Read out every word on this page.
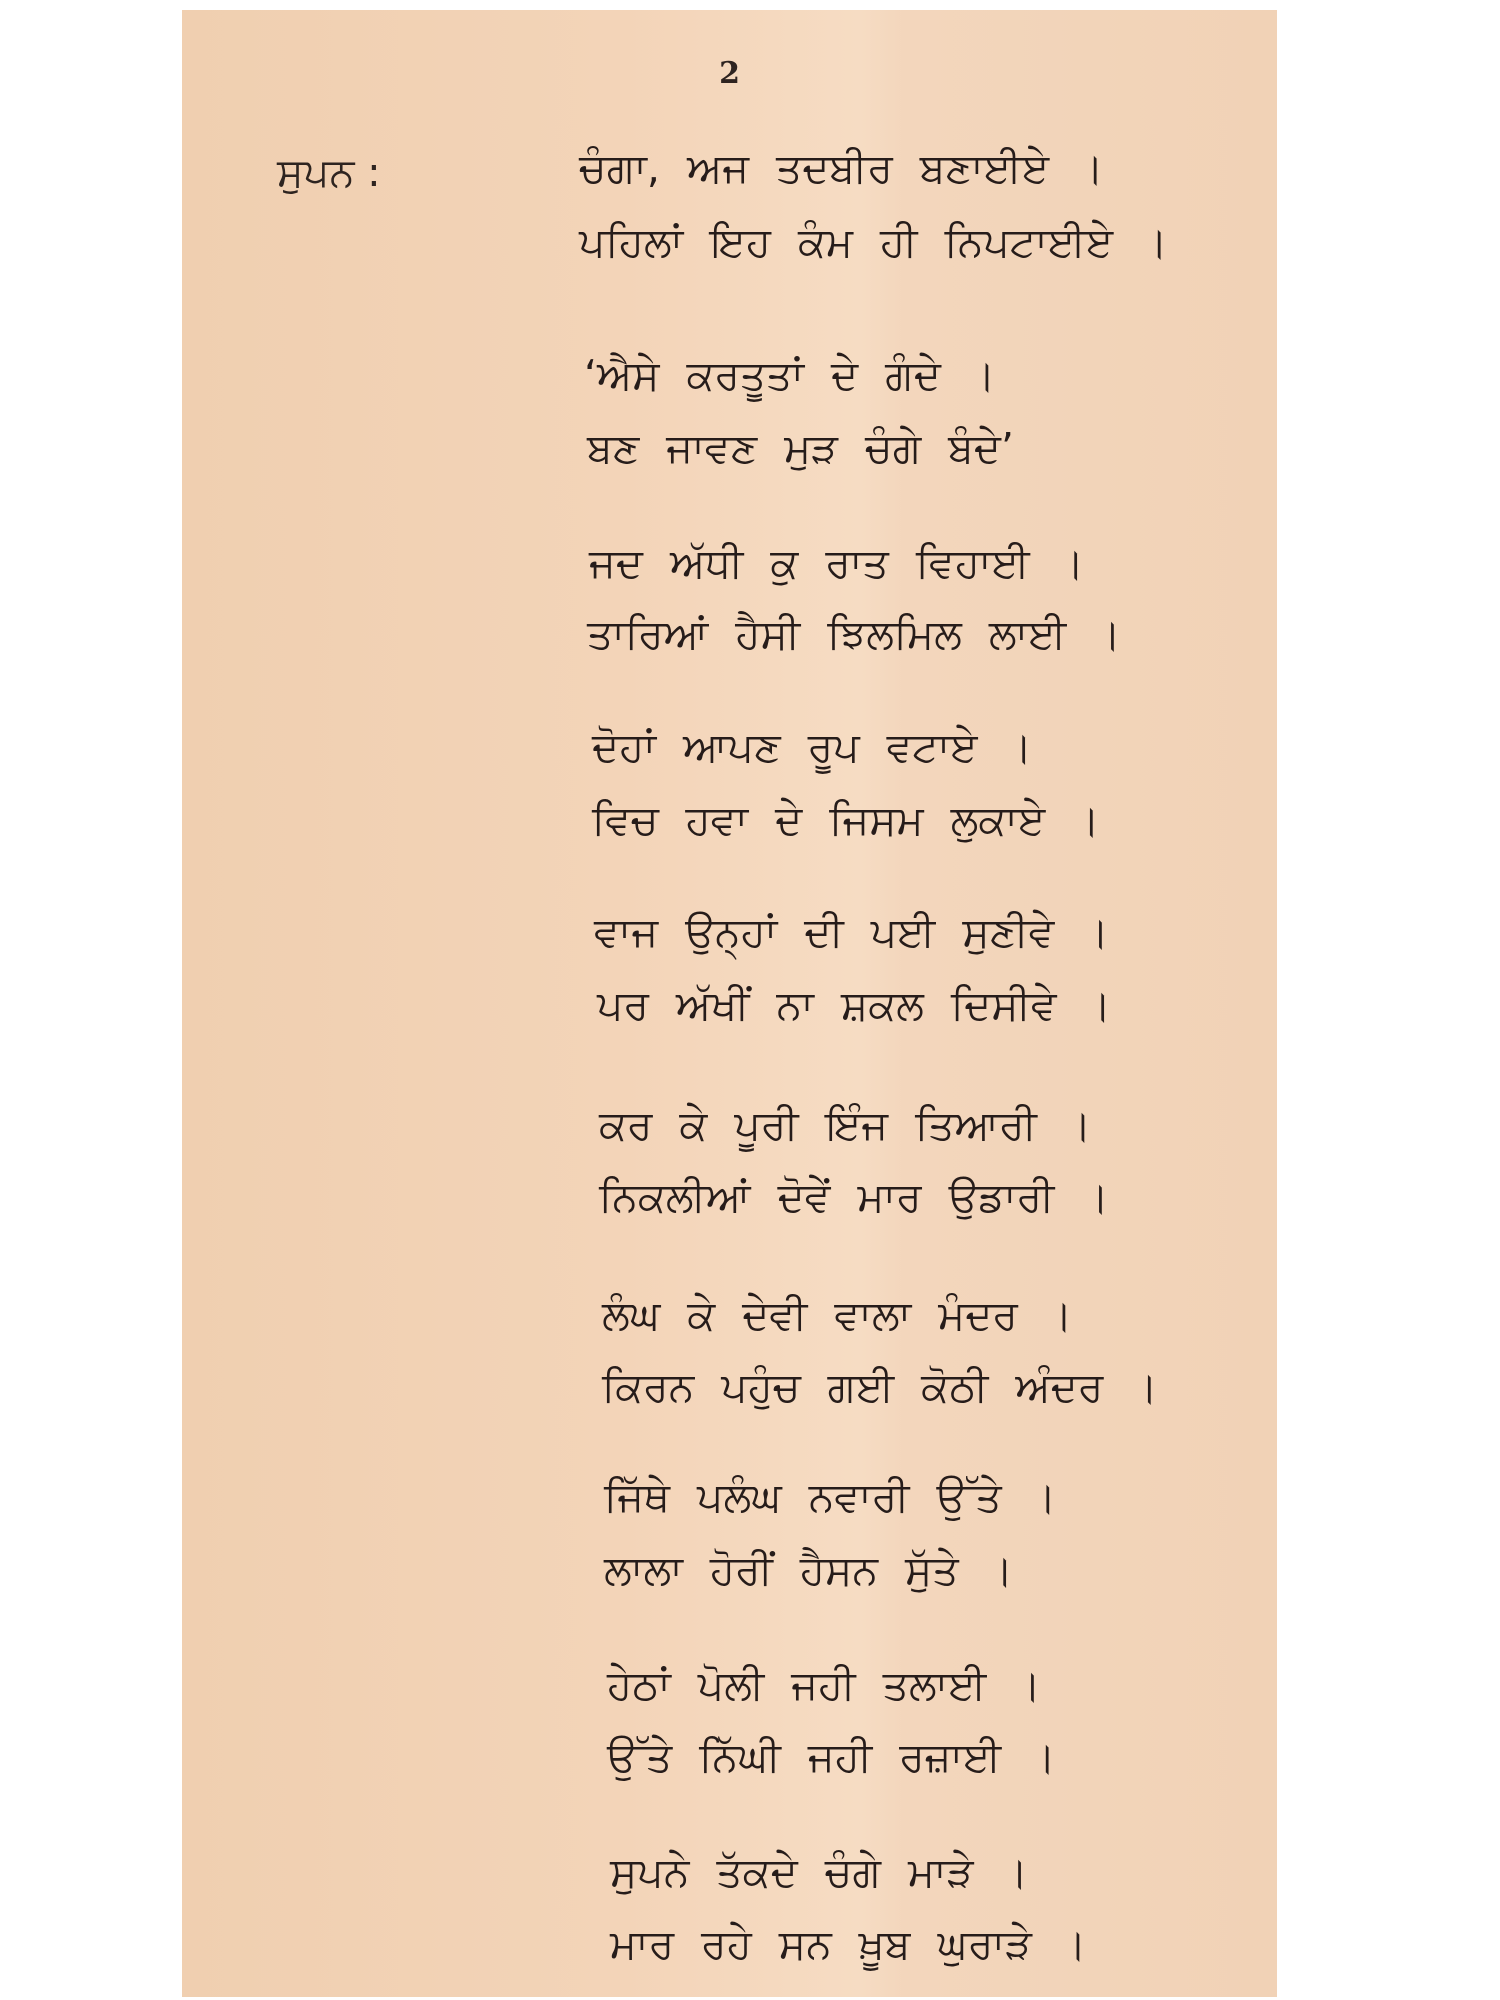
2
ਸੁਪਨ :	ਚੰਗਾ, ਅਜ ਤਦਬੀਰ ਬਣਾਈਏ ।
ਪਹਿਲਾਂ ਇਹ ਕੰਮ ਹੀ ਨਿਪਟਾਈਏ ।
‘ਐਸੇ ਕਰਤੂਤਾਂ ਦੇ ਗੰਦੇ ।
ਬਣ ਜਾਵਣ ਮੁੜ ਚੰਗੇ ਬੰਦੇ’
ਜਦ ਅੱਧੀ ਕੁ ਰਾਤ ਵਿਹਾਈ ।
ਤਾਰਿਆਂ ਹੈਸੀ ਝਿਲਮਿਲ ਲਾਈ ।
ਦੋਹਾਂ ਆਪਣ ਰੂਪ ਵਟਾਏ ।
ਵਿਚ ਹਵਾ ਦੇ ਜਿਸਮ ਲੁਕਾਏ ।
ਵਾਜ ਉਨ੍ਹਾਂ ਦੀ ਪਈ ਸੁਣੀਵੇ ।
ਪਰ ਅੱਖੀਂ ਨਾ ਸ਼ਕਲ ਦਿਸੀਵੇ ।
ਕਰ ਕੇ ਪੂਰੀ ਇੰਜ ਤਿਆਰੀ ।
ਨਿਕਲੀਆਂ ਦੋਵੇਂ ਮਾਰ ਉਡਾਰੀ ।
ਲੰਘ ਕੇ ਦੇਵੀ ਵਾਲਾ ਮੰਦਰ ।
ਕਿਰਨ ਪਹੁੰਚ ਗਈ ਕੋਠੀ ਅੰਦਰ ।
ਜਿੱਥੇ ਪਲੰਘ ਨਵਾਰੀ ਉੱਤੇ ।
ਲਾਲਾ ਹੋਰੀਂ ਹੈਸਨ ਸੁੱਤੇ ।
ਹੇਠਾਂ ਪੋਲੀ ਜਹੀ ਤਲਾਈ ।
ਉੱਤੇ ਨਿੱਘੀ ਜਹੀ ਰਜ਼ਾਈ ।
ਸੁਪਨੇ ਤੱਕਦੇ ਚੰਗੇ ਮਾੜੇ ।
ਮਾਰ ਰਹੇ ਸਨ ਖ਼ੂਬ ਘੁਰਾੜੇ ।
